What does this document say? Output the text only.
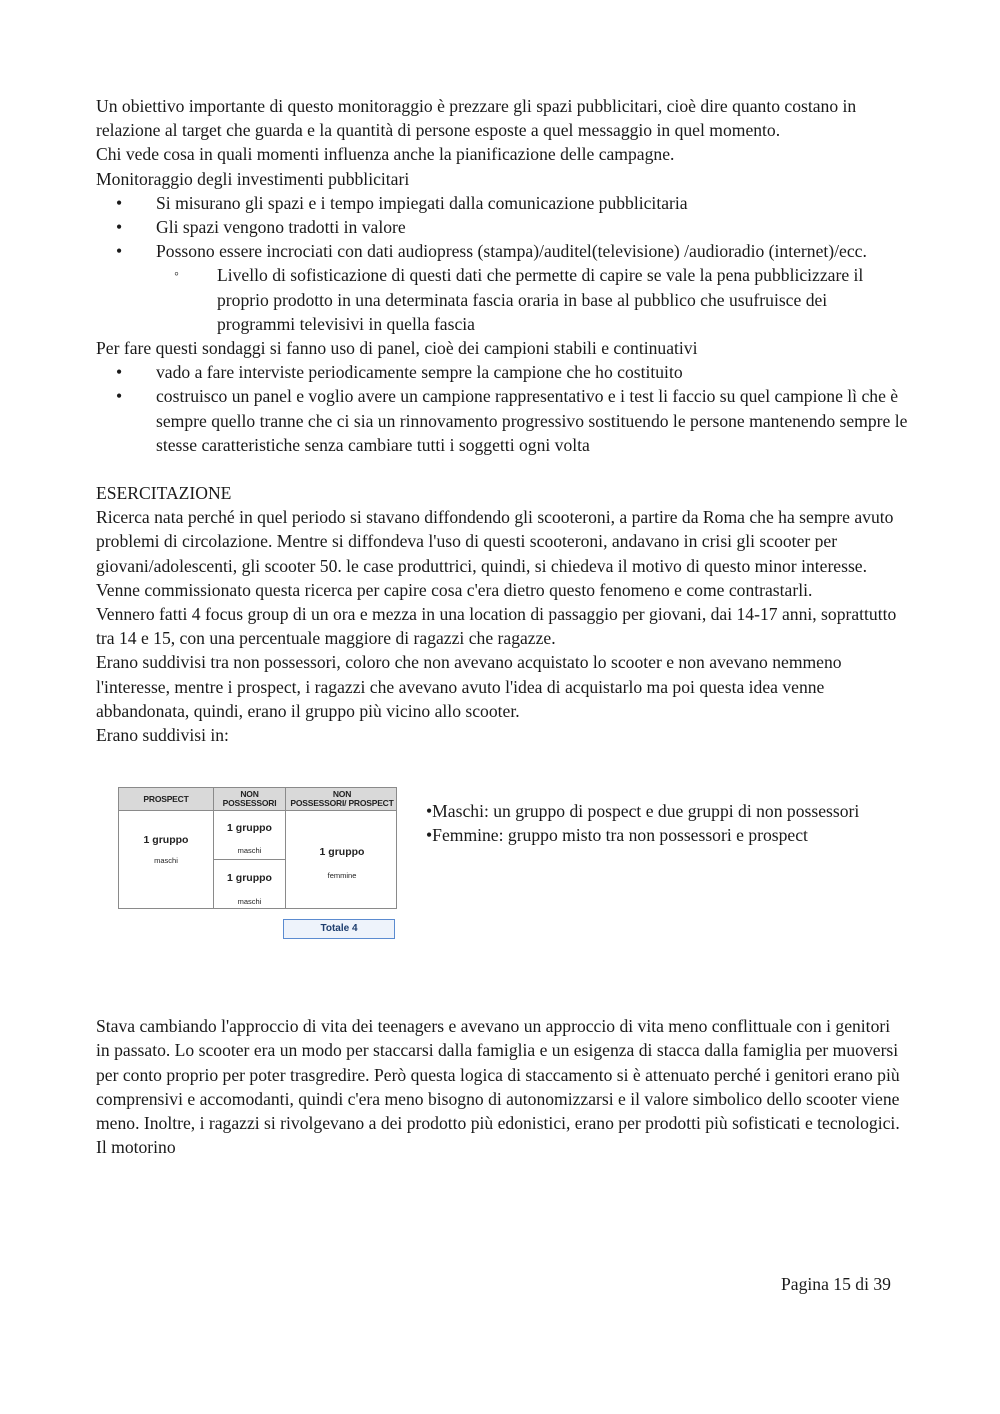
Un obiettivo importante di questo monitoraggio è prezzare gli spazi pubblicitari, cioè dire quanto costano in relazione al target che guarda e la quantità di persone esposte a quel messaggio in quel momento.

Chi vede cosa in quali momenti influenza anche la pianificazione delle campagne.

Monitoraggio degli investimenti pubblicitari

• Si misurano gli spazi e i tempo impiegati dalla comunicazione pubblicitaria
• Gli spazi vengono tradotti in valore
• Possono essere incrociati con dati audiopress (stampa)/auditel(televisione) /audioradio (internet)/ecc.
◦ Livello di sofisticazione di questi dati che permette di capire se vale la pena pubblicizzare il proprio prodotto in una determinata fascia oraria in base al pubblico che usufruisce dei programmi televisivi in quella fascia

Per fare questi sondaggi si fanno uso di panel, cioè dei campioni stabili e continuativi

• vado a fare interviste periodicamente sempre la campione che ho costituito
• costruisco un panel e voglio avere un campione rappresentativo e i test li faccio su quel campione lì che è sempre quello tranne che ci sia un rinnovamento progressivo sostituendo le persone mantenendo sempre le stesse caratteristiche senza cambiare tutti i soggetti ogni volta

ESERCITAZIONE

Ricerca nata perché in quel periodo si stavano diffondendo gli scooteroni, a partire da Roma che ha sempre avuto problemi di circolazione. Mentre si diffondeva l'uso di questi scooteroni, andavano in crisi gli scooter per giovani/adolescenti, gli scooter 50. le case produttrici, quindi, si chiedeva il motivo di questo minor interesse.

Venne commissionato questa ricerca per capire cosa c'era dietro questo fenomeno e come contrastarli.

Vennero fatti 4 focus group di un ora e mezza in una location di passaggio per giovani, dai 14-17 anni, soprattutto tra 14 e 15, con una percentuale maggiore di ragazzi che ragazze.

Erano suddivisi tra non possessori, coloro che non avevano acquistato lo scooter e non avevano nemmeno l'interesse, mentre i prospect, i ragazzi che avevano avuto l'idea di acquistarlo ma poi questa idea venne abbandonata, quindi, erano il gruppo più vicino allo scooter.

Erano suddivisi in:

PROSPECT	NON
POSSESSORI
NON
POSSESSORI/ PROSPECT
1 gruppo
maschi
1 gruppo
maschi
1 gruppo
maschi
1 gruppo
femmine
Totale 4

•Maschi: un gruppo di pospect e due gruppi di non possessori

•Femmine: gruppo misto tra non possessori e prospect

Stava cambiando l'approccio di vita dei teenagers e avevano un approccio di vita meno conflittuale con i genitori in passato. Lo scooter era un modo per staccarsi dalla famiglia e un esigenza di stacca dalla famiglia per muoversi per conto proprio per poter trasgredire. Però questa logica di staccamento si è attenuato perché i genitori erano più comprensivi e accomodanti, quindi c'era meno bisogno di autonomizzarsi e il valore simbolico dello scooter viene meno. Inoltre, i ragazzi si rivolgevano a dei prodotto più edonistici, erano per prodotti più sofisticati e tecnologici. Il motorino

Pagina 15 di 39
